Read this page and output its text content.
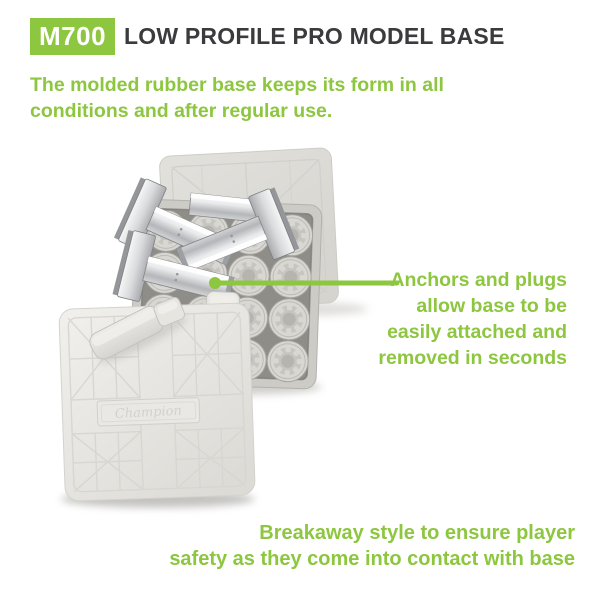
Champion
M700 LOW PROFILE PRO MODEL BASE
The molded rubber base keeps its form in all
conditions and after regular use.
Anchors and plugs
allow base to be
easily attached and
removed in seconds
Breakaway style to ensure player
safety as they come into contact with base
